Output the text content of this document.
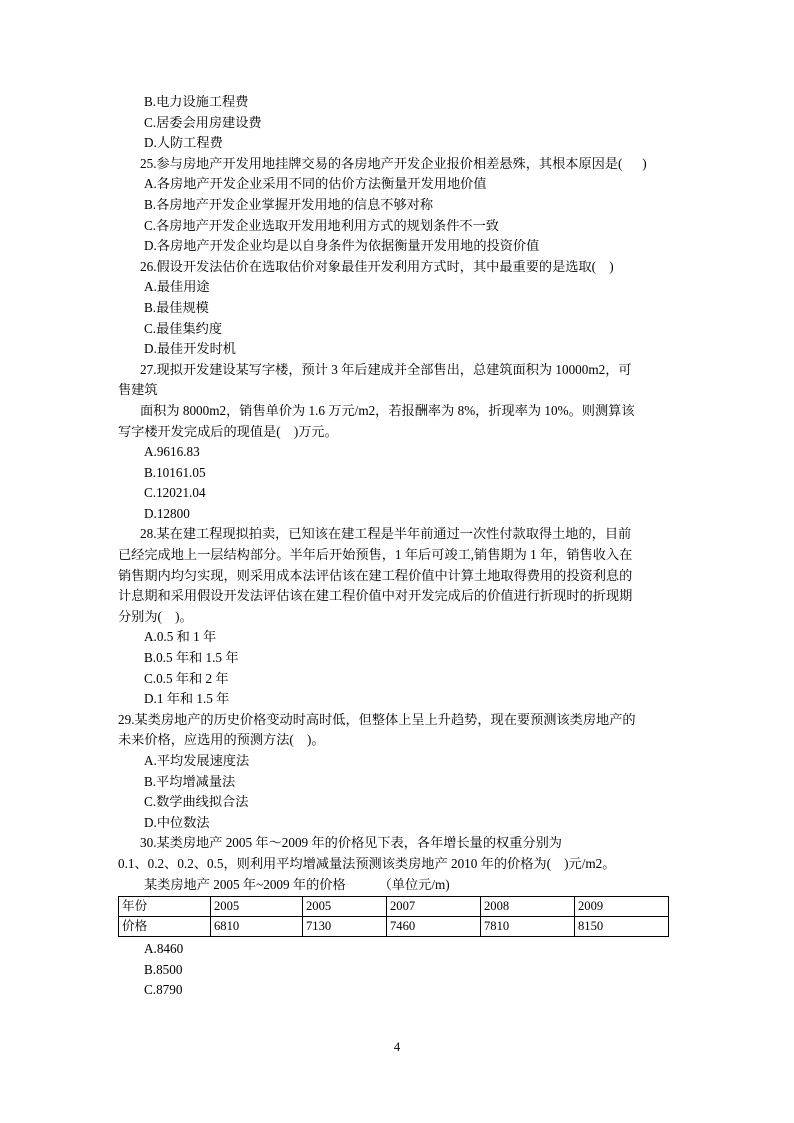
B.电力设施工程费
C.居委会用房建设费
D.人防工程费
25.参与房地产开发用地挂牌交易的各房地产开发企业报价相差悬殊，其根本原因是(      )
A.各房地产开发企业采用不同的估价方法衡量开发用地价值
B.各房地产开发企业掌握开发用地的信息不够对称
C.各房地产开发企业选取开发用地利用方式的规划条件不一致
D.各房地产开发企业均是以自身条件为依据衡量开发用地的投资价值
26.假设开发法估价在选取估价对象最佳开发利用方式时，其中最重要的是选取(    )
A.最佳用途
B.最佳规模
C.最佳集约度
D.最佳开发时机
27.现拟开发建设某写字楼，预计 3 年后建成并全部售出，总建筑面积为 10000m2，可
售建筑
面积为 8000m2，销售单价为 1.6 万元/m2，若报酬率为 8%，折现率为 10%。则测算该
写字楼开发完成后的现值是(    )万元。
A.9616.83
B.10161.05
C.12021.04
D.12800
28.某在建工程现拟拍卖，已知该在建工程是半年前通过一次性付款取得土地的，目前
已经完成地上一层结构部分。半年后开始预售，1 年后可竣工,销售期为 1 年，销售收入在
销售期内均匀实现，则采用成本法评估该在建工程价值中计算土地取得费用的投资利息的
计息期和采用假设开发法评估该在建工程价值中对开发完成后的价值进行折现时的折现期
分别为(    )。
A.0.5 和 1 年
B.0.5 年和 1.5 年
C.0.5 年和 2 年
D.1 年和 1.5 年
29.某类房地产的历史价格变动时高时低，但整体上呈上升趋势，现在要预测该类房地产的
未来价格，应选用的预测方法(    )。
A.平均发展速度法
B.平均增减量法
C.数学曲线拟合法
D.中位数法
30.某类房地产 2005 年～2009 年的价格见下表，各年增长量的权重分别为
0.1、0.2、0.2、0.5，则利用平均增减量法预测该类房地产 2010 年的价格为(    )元/m2。
某类房地产 2005 年~2009 年的价格 （单位元/m)
年份	2005	2005	2007	2008	2009
价格	6810	7130	7460	7810	8150
A.8460
B.8500
C.8790
4
